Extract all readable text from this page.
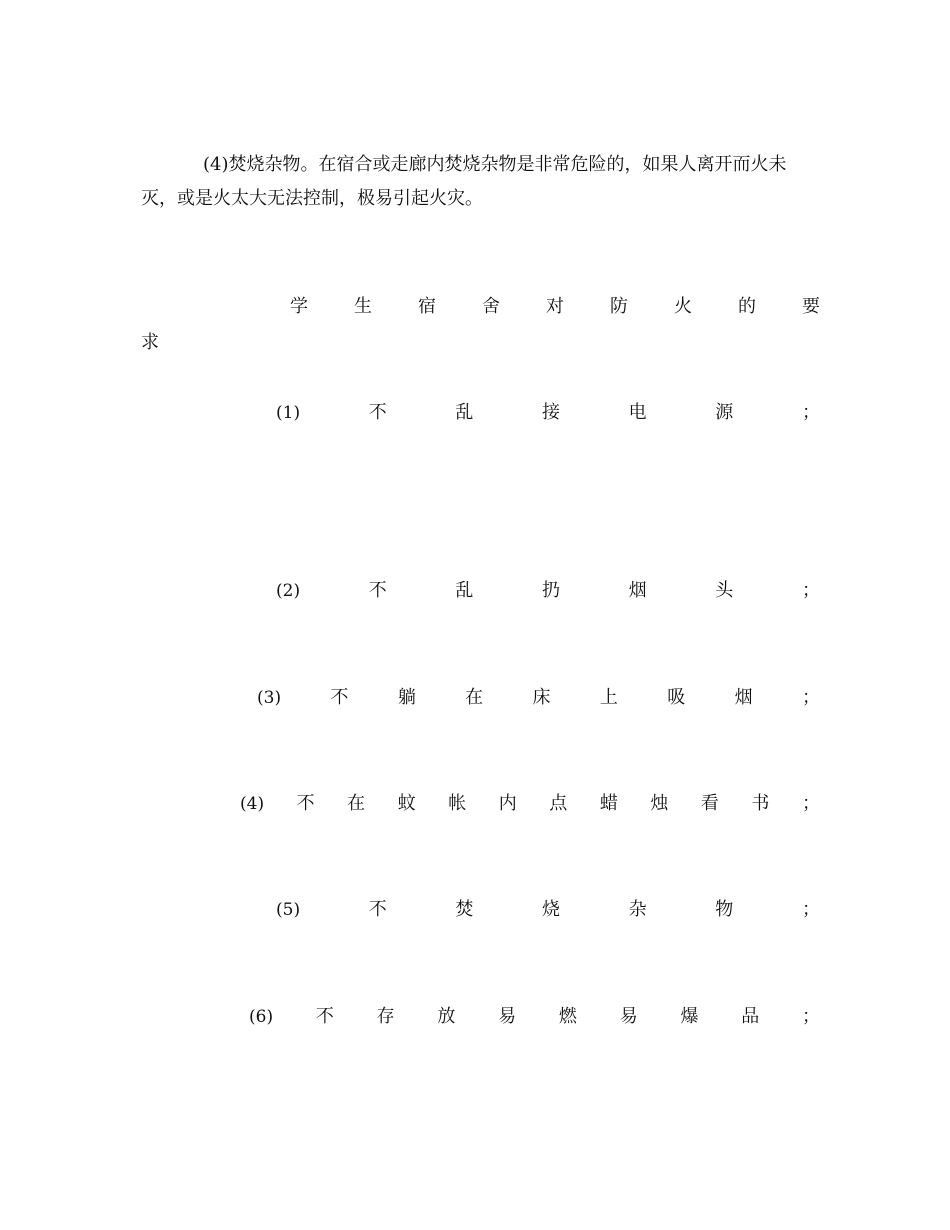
(4)焚烧杂物。在宿合或走廊内焚烧杂物是非常危险的，如果人离开而火未灭，或是火太大无法控制，极易引起火灾。

学	生	宿	舍	对	防	火	的	要
求
(1)	不	乱	接	电	源	；
(2)	不	乱	扔	烟	头	；
(3)	不	躺	在	床	上	吸	烟	；
(4) 不 在 蚊 帐 内 点 蜡 烛 看 书 ；
(5)	不	焚	烧	杂	物	；
(6) 不 存 放 易 燃 易 爆 品 ；
